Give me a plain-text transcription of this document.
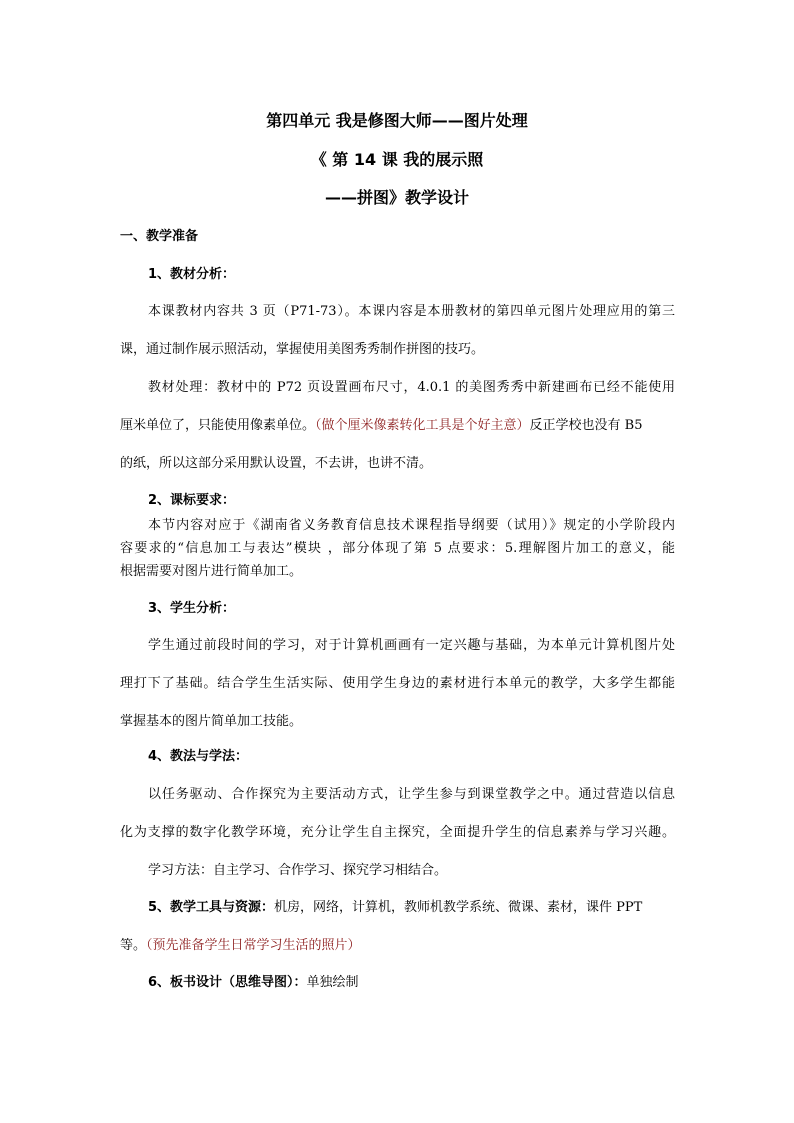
第四单元 我是修图大师——图片处理
《 第 14 课 我的展示照
——拼图》教学设计
一、教学准备
1、教材分析：
本课教材内容共 3 页（P71-73）。本课内容是本册教材的第四单元图片处理应用的第三
课，通过制作展示照活动，掌握使用美图秀秀制作拼图的技巧。
教材处理：教材中的 P72 页设置画布尺寸，4.0.1 的美图秀秀中新建画布已经不能使用
厘米单位了，只能使用像素单位。（做个厘米像素转化工具是个好主意）反正学校也没有 B5
的纸，所以这部分采用默认设置，不去讲，也讲不清。
2、课标要求：
本节内容对应于《湖南省义务教育信息技术课程指导纲要（试用）》规定的小学阶段内
容要求的“信息加工与表达”模块 ，部分体现了第 5 点要求：5.理解图片加工的意义，能
根据需要对图片进行简单加工。
3、学生分析：
学生通过前段时间的学习，对于计算机画画有一定兴趣与基础，为本单元计算机图片处
理打下了基础。结合学生生活实际、使用学生身边的素材进行本单元的教学，大多学生都能
掌握基本的图片简单加工技能。
4、教法与学法：
以任务驱动、合作探究为主要活动方式，让学生参与到课堂教学之中。通过营造以信息
化为支撑的数字化教学环境，充分让学生自主探究，全面提升学生的信息素养与学习兴趣。
学习方法：自主学习、合作学习、探究学习相结合。
5、教学工具与资源：机房，网络，计算机，教师机教学系统、微课、素材，课件 PPT
等。（预先准备学生日常学习生活的照片）
6、板书设计（思维导图）：单独绘制
